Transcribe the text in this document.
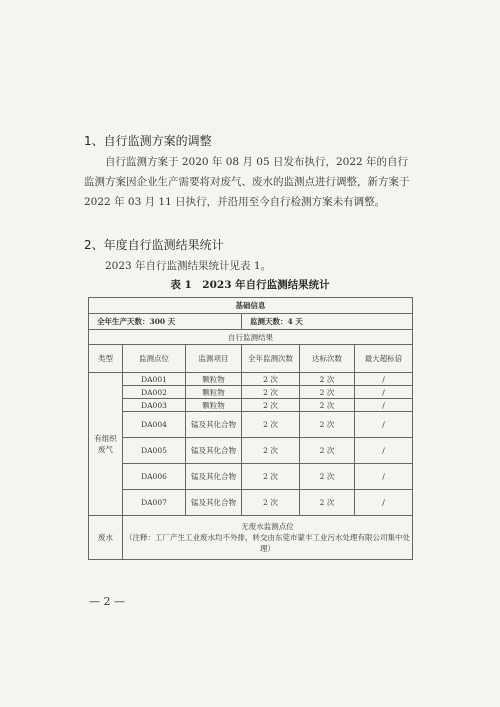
1、自行监测方案的调整
自行监测方案于 2020 年 08 月 05 日发布执行，2022 年的自行监测方案因企业生产需要将对废气、废水的监测点进行调整，新方案于 2022 年 03 月 11 日执行，并沿用至今自行检测方案未有调整。
2、年度自行监测结果统计
2023 年自行监测结果统计见表 1。
表 1　2023 年自行监测结果统计
基础信息					
全年生产天数：300 天			监测天数：4 天		
自行监测结果					
类型	监测点位	监测项目	全年监测次数	达标次数	最大超标倍
有组织废气	DA001	颗粒物	2 次	2 次	/
	DA002	颗粒物	2 次	2 次	/
	DA003	颗粒物	2 次	2 次	/
	DA004	锰及其化合物	2 次	2 次	/
	DA005	锰及其化合物	2 次	2 次	/
	DA006	锰及其化合物	2 次	2 次	/
	DA007	锰及其化合物	2 次	2 次	/
废水	无废水监测点位
（注释：工厂产生工业废水均不外排，转交由东莞市蒙丰工业污水处理有限公司集中处理）				
— 2 —
